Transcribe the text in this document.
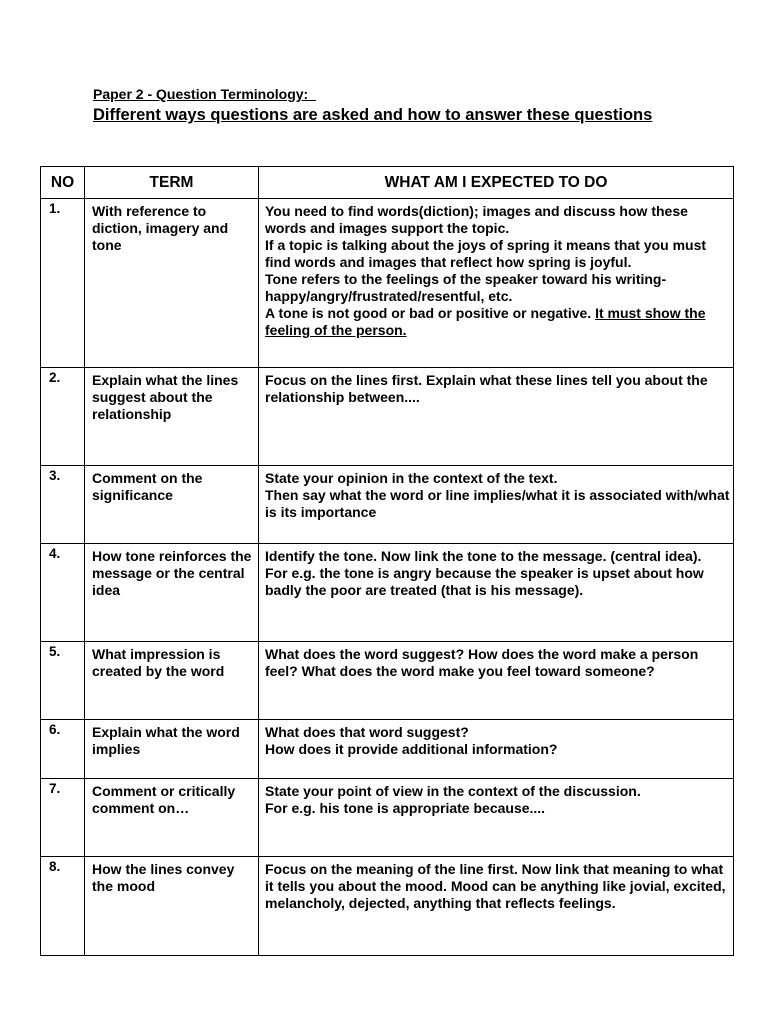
Paper 2 - Question Terminology:
Different ways questions are asked and how to answer these questions
NO	TERM	WHAT AM I EXPECTED TO DO
1.	With reference to diction, imagery and tone	You need to find words(diction); images and discuss how these words and images support the topic.
If a topic is talking about the joys of spring it means that you must find words and images that reflect how spring is joyful.
Tone refers to the feelings of the speaker toward his writing- happy/angry/frustrated/resentful, etc.
A tone is not good or bad or positive or negative. It must show the feeling of the person.

2.	Explain what the lines suggest about the relationship	Focus on the lines first. Explain what these lines tell you about the relationship between....

3.	Comment on the significance	State your opinion in the context of the text.
Then say what the word or line implies/what it is associated with/what is its importance

4.	How tone reinforces the message or the central idea	Identify the tone. Now link the tone to the message. (central idea).
For e.g. the tone is angry because the speaker is upset about how badly the poor are treated (that is his message).

5.	What impression is created by the word	What does the word suggest? How does the word make a person feel? What does the word make you feel toward someone?

6.	Explain what the word implies	What does that word suggest?
How does it provide additional information?

7.	Comment or critically comment on…	State your point of view in the context of the discussion.
For e.g. his tone is appropriate because....

8.	How the lines convey the mood	Focus on the meaning of the line first. Now link that meaning to what it tells you about the mood. Mood can be anything like jovial, excited, melancholy, dejected, anything that reflects feelings.
